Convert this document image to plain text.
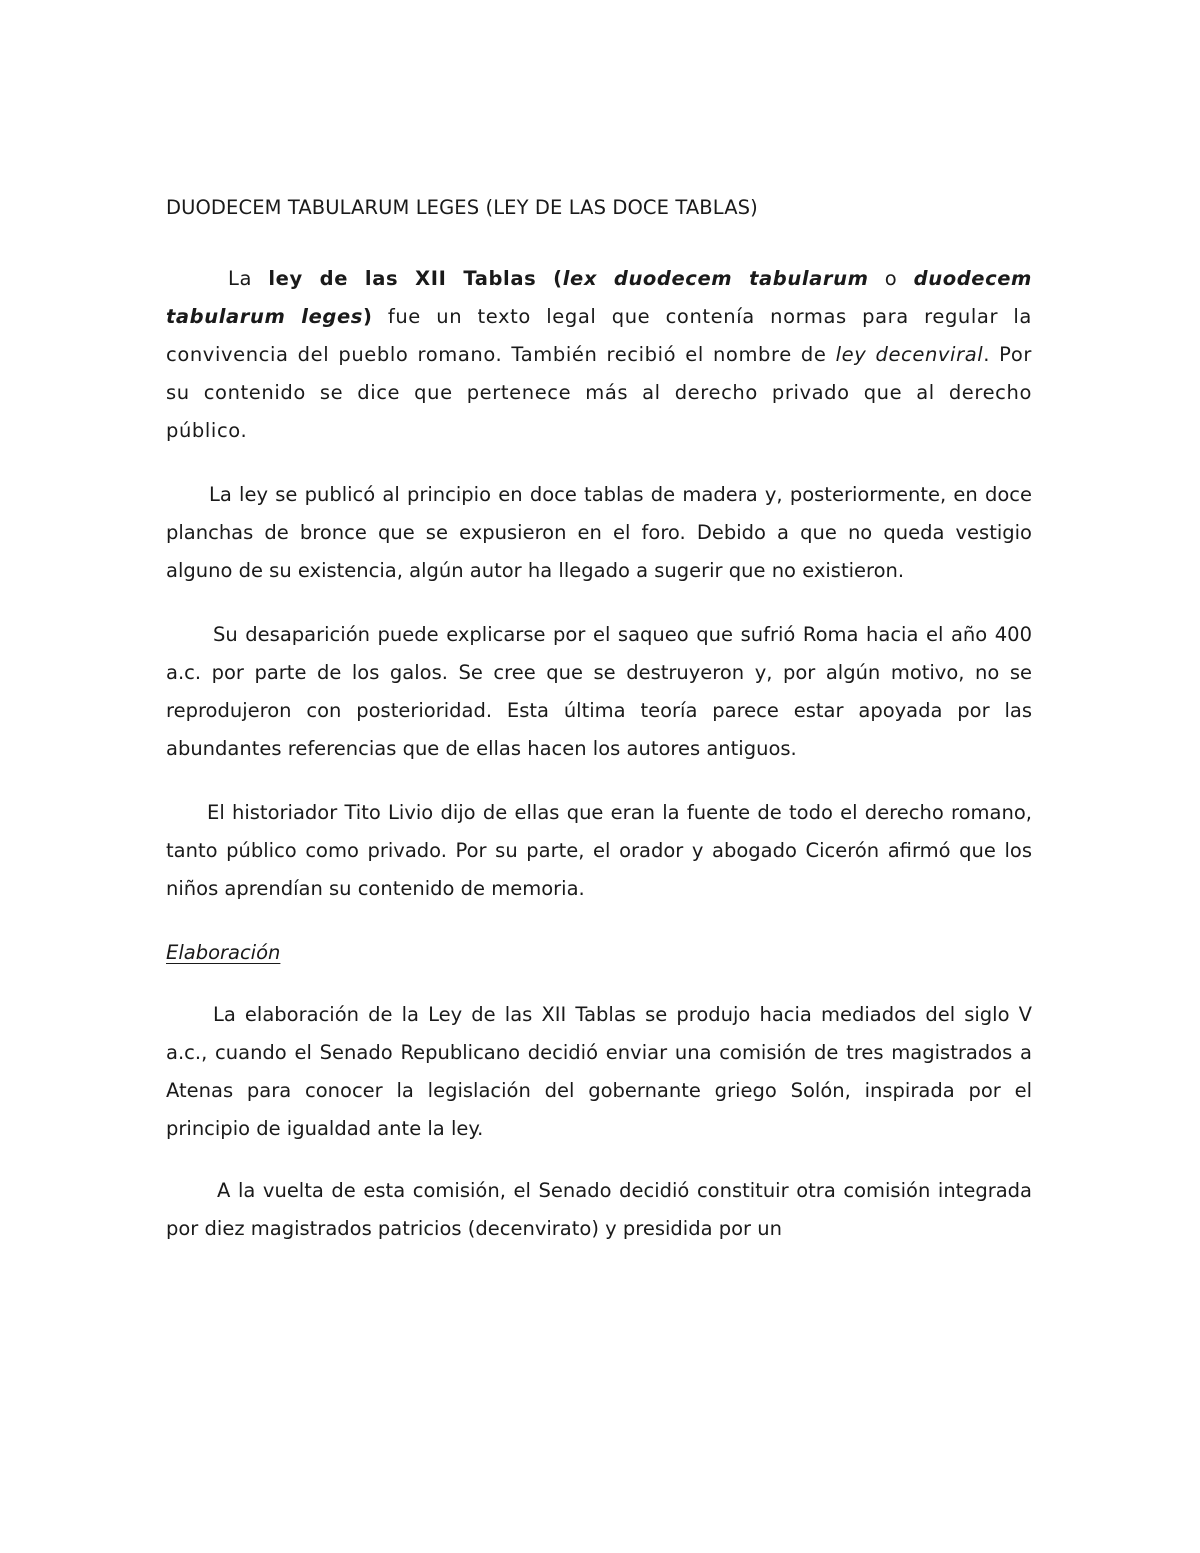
DUODECEM TABULARUM LEGES (LEY DE LAS DOCE TABLAS)

La ley de las XII Tablas (lex duodecem tabularum o duodecem tabularum leges) fue un texto legal que contenía normas para regular la convivencia del pueblo romano. También recibió el nombre de ley decenviral. Por su contenido se dice que pertenece más al derecho privado que al derecho público.

La ley se publicó al principio en doce tablas de madera y, posteriormente, en doce planchas de bronce que se expusieron en el foro. Debido a que no queda vestigio alguno de su existencia, algún autor ha llegado a sugerir que no existieron.

Su desaparición puede explicarse por el saqueo que sufrió Roma hacia el año 400 a.c. por parte de los galos. Se cree que se destruyeron y, por algún motivo, no se reprodujeron con posterioridad. Esta última teoría parece estar apoyada por las abundantes referencias que de ellas hacen los autores antiguos.

El historiador Tito Livio dijo de ellas que eran la fuente de todo el derecho romano, tanto público como privado. Por su parte, el orador y abogado Cicerón afirmó que los niños aprendían su contenido de memoria.

Elaboración

La elaboración de la Ley de las XII Tablas se produjo hacia mediados del siglo V a.c., cuando el Senado Republicano decidió enviar una comisión de tres magistrados a Atenas para conocer la legislación del gobernante griego Solón, inspirada por el principio de igualdad ante la ley.

A la vuelta de esta comisión, el Senado decidió constituir otra comisión integrada por diez magistrados patricios (decenvirato) y presidida por un
